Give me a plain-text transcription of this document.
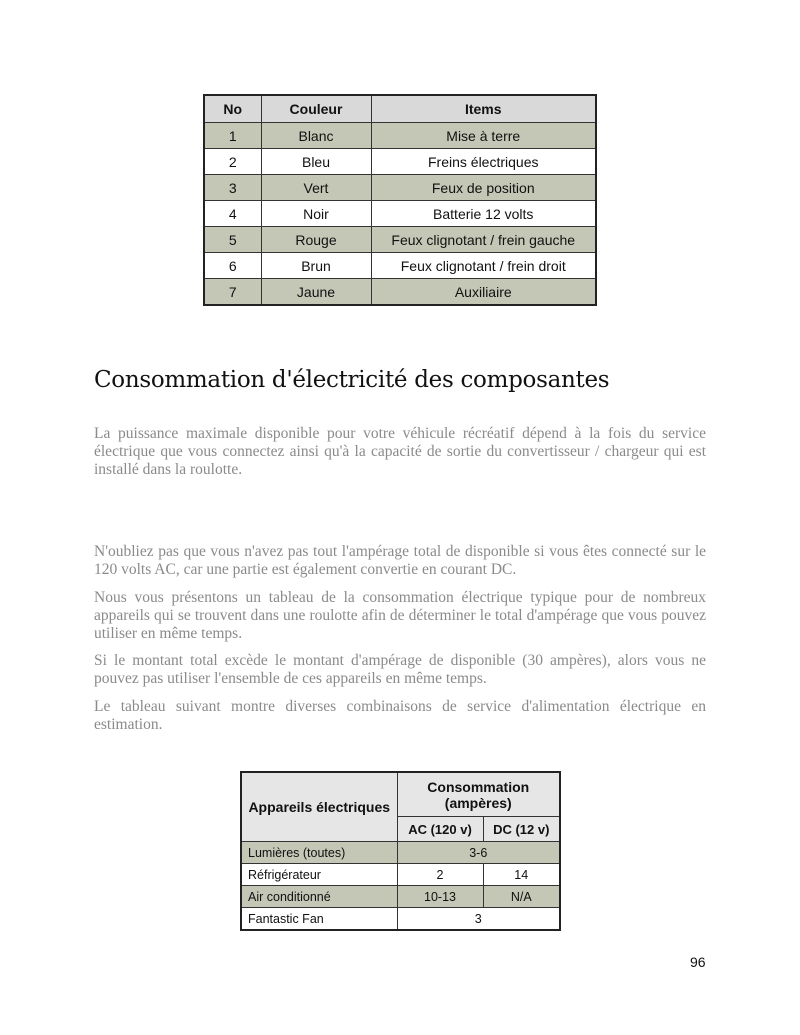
No	Couleur	Items
1	Blanc	Mise à terre
2	Bleu	Freins électriques
3	Vert	Feux de position
4	Noir	Batterie 12 volts
5	Rouge	Feux clignotant / frein gauche
6	Brun	Feux clignotant / frein droit
7	Jaune	Auxiliaire
Consommation d'électricité des composantes

La puissance maximale disponible pour votre véhicule récréatif dépend à la fois du service électrique que vous connectez ainsi qu'à la capacité de sortie du convertisseur / chargeur qui est installé dans la roulotte.

N'oubliez pas que vous n'avez pas tout l'ampérage total de disponible si vous êtes connecté sur le 120 volts AC, car une partie est également convertie en courant DC.

Nous vous présentons un tableau de la consommation électrique typique pour de nombreux appareils qui se trouvent dans une roulotte afin de déterminer le total d'ampérage que vous pouvez utiliser en même temps.

Si le montant total excède le montant d'ampérage de disponible (30 ampères), alors vous ne pouvez pas utiliser l'ensemble de ces appareils en même temps.

Le tableau suivant montre diverses combinaisons de service d'alimentation électrique en estimation.

Appareils électriques	Consommation (ampères)	
	AC (120 v)	DC (12 v)
Lumières (toutes)	3-6	
Réfrigérateur	2	14
Air conditionné	10-13	N/A
Fantastic Fan	3	
96
